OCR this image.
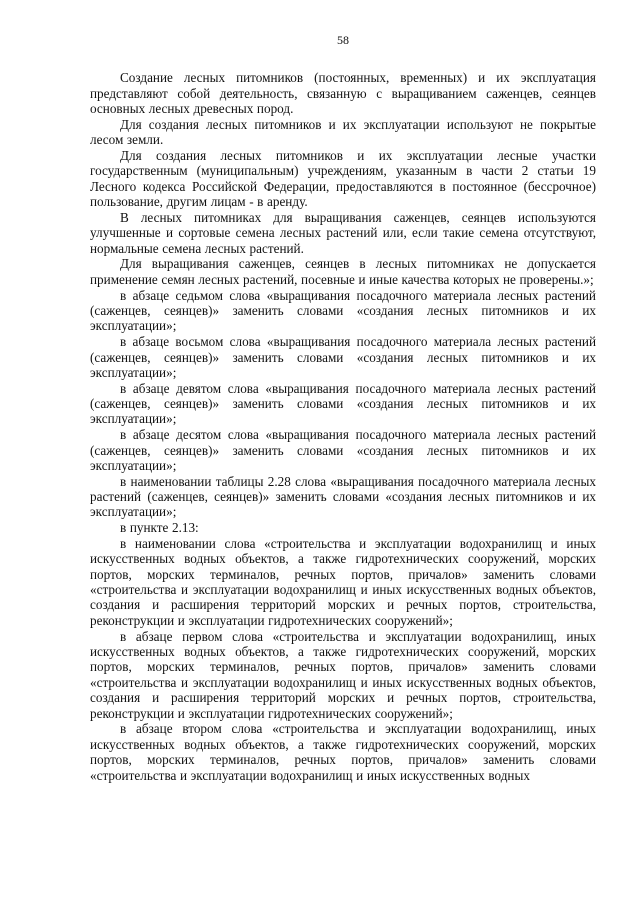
58

Создание лесных питомников (постоянных, временных) и их эксплуатация представляют собой деятельность, связанную с выращиванием саженцев, сеянцев основных лесных древесных пород.

Для создания лесных питомников и их эксплуатации используют не покрытые лесом земли.

Для создания лесных питомников и их эксплуатации лесные участки государственным (муниципальным) учреждениям, указанным в части 2 статьи 19 Лесного кодекса Российской Федерации, предоставляются в постоянное (бессрочное) пользование, другим лицам - в аренду.

В лесных питомниках для выращивания саженцев, сеянцев используются улучшенные и сортовые семена лесных растений или, если такие семена отсутствуют, нормальные семена лесных растений.

Для выращивания саженцев, сеянцев в лесных питомниках не допускается применение семян лесных растений, посевные и иные качества которых не проверены.»;

в абзаце седьмом слова «выращивания посадочного материала лесных растений (саженцев, сеянцев)» заменить словами «создания лесных питомников и их эксплуатации»;

в абзаце восьмом слова «выращивания посадочного материала лесных растений (саженцев, сеянцев)» заменить словами «создания лесных питомников и их эксплуатации»;

в абзаце девятом слова «выращивания посадочного материала лесных растений (саженцев, сеянцев)» заменить словами «создания лесных питомников и их эксплуатации»;

в абзаце десятом слова «выращивания посадочного материала лесных растений (саженцев, сеянцев)» заменить словами «создания лесных питомников и их эксплуатации»;

в наименовании таблицы 2.28 слова «выращивания посадочного материала лесных растений (саженцев, сеянцев)» заменить словами «создания лесных питомников и их эксплуатации»;

в пункте 2.13:

в наименовании слова «строительства и эксплуатации водохранилищ и иных искусственных водных объектов, а также гидротехнических сооружений, морских портов, морских терминалов, речных портов, причалов» заменить словами «строительства и эксплуатации водохранилищ и иных искусственных водных объектов, создания и расширения территорий морских и речных портов, строительства, реконструкции и эксплуатации гидротехнических сооружений»;

в абзаце первом слова «строительства и эксплуатации водохранилищ, иных искусственных водных объектов, а также гидротехнических сооружений, морских портов, морских терминалов, речных портов, причалов» заменить словами «строительства и эксплуатации водохранилищ и иных искусственных водных объектов, создания и расширения территорий морских и речных портов, строительства, реконструкции и эксплуатации гидротехнических сооружений»;

в абзаце втором слова «строительства и эксплуатации водохранилищ, иных искусственных водных объектов, а также гидротехнических сооружений, морских портов, морских терминалов, речных портов, причалов» заменить словами «строительства и эксплуатации водохранилищ и иных искусственных водных
